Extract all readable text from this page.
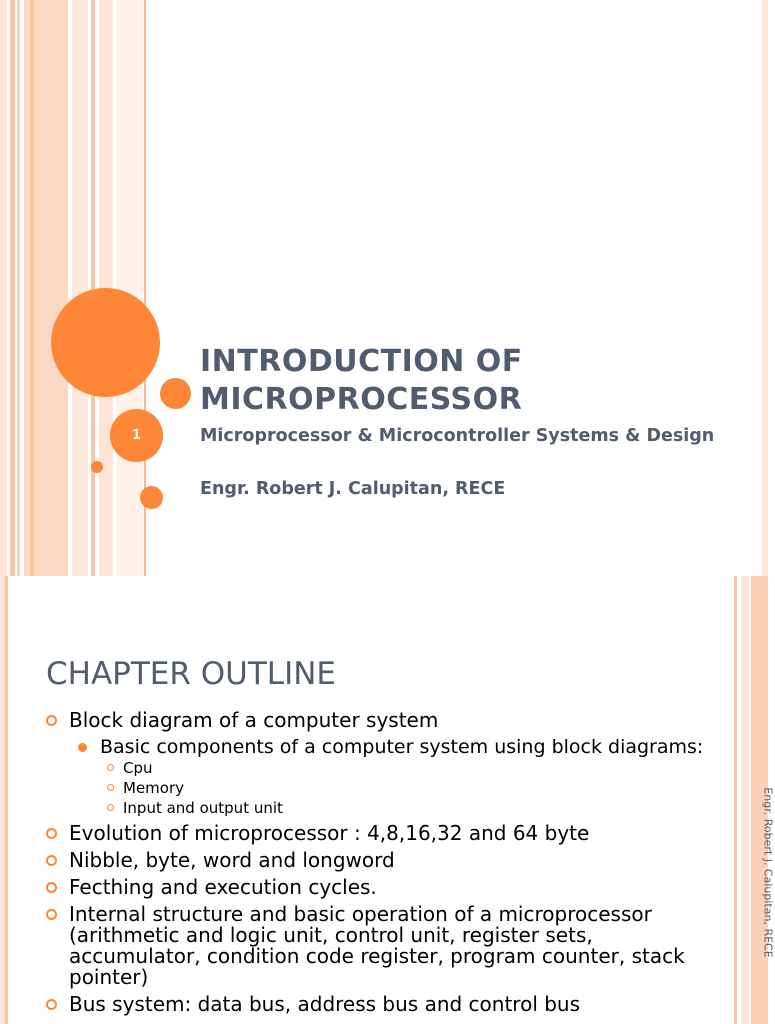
1
INTRODUCTION OF MICROPROCESSOR
Microprocessor & Microcontroller Systems & Design
Engr. Robert J. Calupitan, RECE
CHAPTER OUTLINE
Block diagram of a computer system
Basic components of a computer system using block diagrams:
Cpu
Memory
Input and output unit
Evolution of microprocessor : 4,8,16,32 and 64 byte
Nibble, byte, word and longword
Fecthing and execution cycles.
Internal structure and basic operation of a microprocessor (arithmetic and logic unit, control unit, register sets, accumulator, condition code register, program counter, stack pointer)
Bus system: data bus, address bus and control bus
Engr. Robert J. Calupitan, RECE
